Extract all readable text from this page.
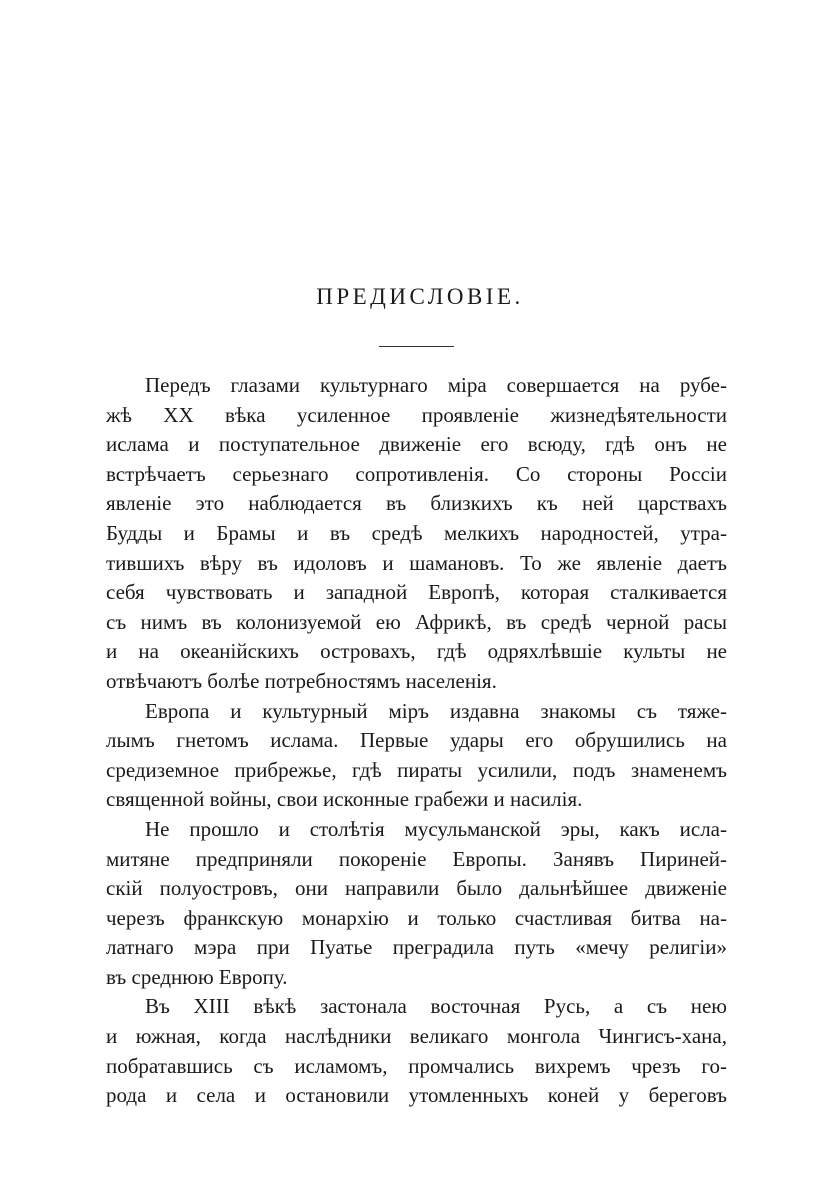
ПРЕДИСЛОВІЕ.
Передъ глазами культурнаго міра совершается на рубе-
жѣ XX вѣка усиленное проявленіе жизнедѣятельности
ислама и поступательное движеніе его всюду, гдѣ онъ не
встрѣчаетъ серьезнаго сопротивленія. Со стороны Россіи
явленіе это наблюдается въ близкихъ къ ней царствахъ
Будды и Брамы и въ средѣ мелкихъ народностей, утра-
тившихъ вѣру въ идоловъ и шамановъ. То же явленіе даетъ
себя чувствовать и западной Европѣ, которая сталкивается
съ нимъ въ колонизуемой ею Африкѣ, въ средѣ черной расы
и на океанійскихъ островахъ, гдѣ одряхлѣвшіе культы не
отвѣчаютъ болѣе потребностямъ населенія.
Европа и культурный міръ издавна знакомы съ тяже-
лымъ гнетомъ ислама. Первые удары его обрушились на
средиземное прибрежье, гдѣ пираты усилили, подъ знаменемъ
священной войны, свои исконные грабежи и насилія.
Не прошло и столѣтія мусульманской эры, какъ исла-
митяне предприняли покореніе Европы. Занявъ Пириней-
скій полуостровъ, они направили было дальнѣйшее движеніе
черезъ франкскую монархію и только счастливая битва на-
латнаго мэра при Пуатье преградила путь «мечу религіи»
въ среднюю Европу.
Въ XIII вѣкѣ застонала восточная Русь, а съ нею
и южная, когда наслѣдники великаго монгола Чингисъ-хана,
побратавшись съ исламомъ, промчались вихремъ чрезъ го-
рода и села и остановили утомленныхъ коней у береговъ
